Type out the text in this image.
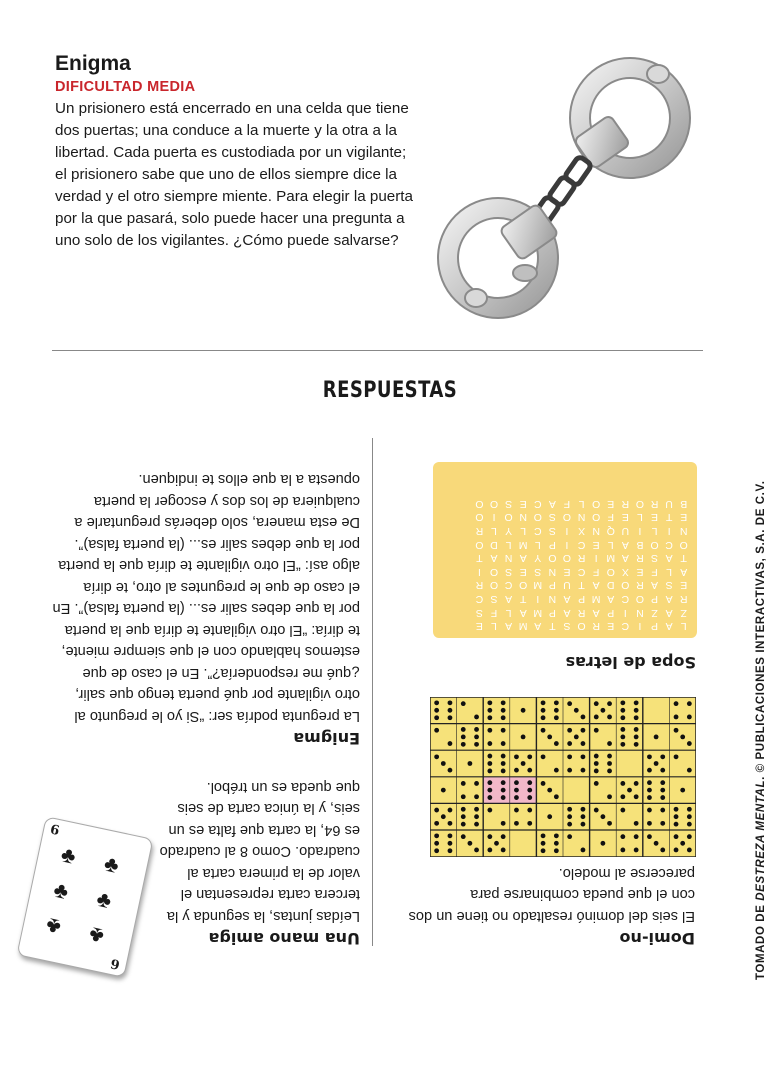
Enigma
DIFICULTAD MEDIA
Un prisionero está encerrado en una celda que tiene dos puertas; una conduce a la muerte y la otra a la libertad. Cada puerta es custodiada por un vigilante; el prisionero sabe que uno de ellos siempre dice la verdad y el otro siempre miente. Para elegir la puerta por la que pasará, solo puede hacer una pregunta a uno solo de los vigilantes. ¿Cómo puede salvarse?
RESPUESTAS
Enigma

La pregunta podría ser: “Si yo le pregunto al otro vigilante por qué puerta tengo que salir, ¿qué me respondería?”. En el caso de que estemos hablando con el que siempre miente, te diría: “El otro vigilante te diría que la puerta por la que debes salir es... (la puerta falsa)”. En el caso de que le preguntes al otro, te diría algo así: “El otro vigilante te diría que la puerta por la que debes salir es... (la puerta falsa)”. De esta manera, solo deberás preguntarle a cualquiera de los dos y escoger la puerta opuesta a la que ellos te indiquen.

Una mano amiga

Leídas juntas, la segunda y la tercera carta representan el valor de la primera carta al cuadrado. Como 8 al cuadrado es 64, la carta que falta es un seis, y la única carta de seis que queda es un trébol.

Domi-no

El seis del dominó resaltado no tiene un dos con el que pueda combinarse para parecerse al modelo.

Sopa de letras
L	A	P	I	C	E	R	O	S	T	A	M	A	L	E
Z	A	Z	N	I	P	A	R	A	P	M	A	L	F	S
R	A	P	O	C	A	M	P	A	N	I	T	A	S	C
E	S	A	R	O	D	A	T	U	P	M	O	C	O	R
A	L	F	E	X	O	F	C	E	N	S	E	S	O	I
T	A	S	R	A	M	I	R	O	O	Y	A	N	A	T
O	C	O	B	A	L	E	C	I	P	L	M	L	D	O
N	I	L	I	U	Q	N	X	I	S	C	L	Y	L	R
E	T	E	L	E	F	O	N	O	S	O	N	O	I	O
B	U	R	O	R	E	O	L	F	A	C	E	S	O	O
6
6
♣ ♣
♣ ♣
♣ ♣	TOMADO DE DESTREZA MENTAL. © PUBLICACIONES INTERACTIVAS, S.A. DE C.V.
